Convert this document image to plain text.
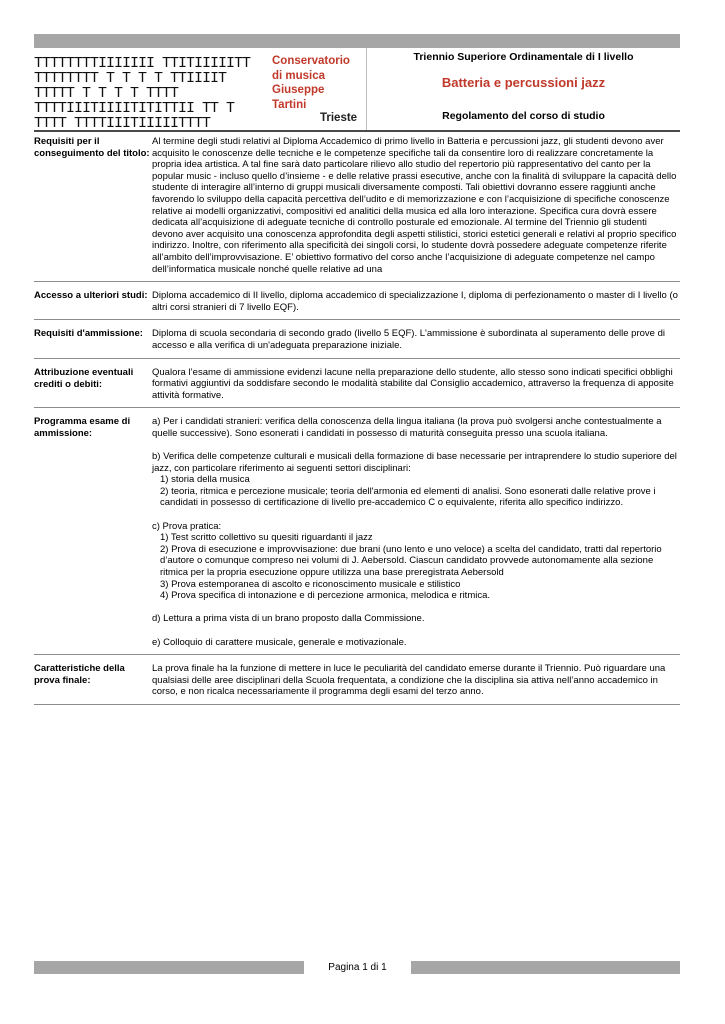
ΤΤΤΤΤΤΤΤΙΙΙΙΙΙΙ ΤΤΙΤΙΙΙΙΙΤΤ
ΤΤΤΤΤΤΤΤ Τ Τ Τ Τ ΤΤΙΙΙΙΤ
ΤΤΤΤΤ Τ Τ Τ Τ ΤΤΤΤ
ΤΤΤΤΙΙΙΤΙΙΙΙΤΙΤΙΤΤΙΙ ΤΤ Τ
ΤΤΤΤ ΤΤΤΤΙΙΙΤΙΙΙΙΙΤΤΤΤ
Conservatorio
di musica
Giuseppe
Tartini
Trieste
Triennio Superiore Ordinamentale di I livello
Batteria e percussioni jazz
Regolamento del corso di studio
Requisiti per il conseguimento del titolo:

Al termine degli studi relativi al Diploma Accademico di primo livello in Batteria e percussioni jazz, gli studenti devono aver acquisito le conoscenze delle tecniche e le competenze specifiche tali da consentire loro di realizzare concretamente la propria idea artistica. A tal fine sarà dato particolare rilievo allo studio del repertorio più rappresentativo del canto per la popular music - incluso quello d’insieme - e delle relative prassi esecutive, anche con la finalità di sviluppare la capacità dello studente di interagire all’interno di gruppi musicali diversamente composti. Tali obiettivi dovranno essere raggiunti anche favorendo lo sviluppo della capacità percettiva dell’udito e di memorizzazione e con l’acquisizione di specifiche conoscenze relative ai modelli organizzativi, compositivi ed analitici della musica ed alla loro interazione. Specifica cura dovrà essere dedicata all’acquisizione di adeguate tecniche di controllo posturale ed emozionale. Al termine del Triennio gli studenti devono aver acquisito una conoscenza approfondita degli aspetti stilistici, storici estetici generali e relativi al proprio specifico indirizzo. Inoltre, con riferimento alla specificità dei singoli corsi, lo studente dovrà possedere adeguate competenze riferite all’ambito dell’improvvisazione. E’ obiettivo formativo del corso anche l’acquisizione di adeguate competenze nel campo dell’informatica musicale nonché quelle relative ad una

Accesso a ulteriori studi: Diploma accademico di II livello, diploma accademico di specializzazione I, diploma di perfezionamento o master di I livello (o altri corsi stranieri di 7 livello EQF).

Requisiti d'ammissione: Diploma di scuola secondaria di secondo grado (livello 5 EQF). L'ammissione è subordinata al superamento delle prove di accesso e alla verifica di un'adeguata preparazione iniziale.

Attribuzione eventuali crediti o debiti:

Qualora l’esame di ammissione evidenzi lacune nella preparazione dello studente, allo stesso sono indicati specifici obblighi formativi aggiuntivi da soddisfare secondo le modalità stabilite dal Consiglio accademico, attraverso la frequenza di apposite attività formative.

Programma esame di ammissione:

a) Per i candidati stranieri: verifica della conoscenza della lingua italiana (la prova può svolgersi anche contestualmente a quelle successive). Sono esonerati i candidati in possesso di maturità conseguita presso una scuola italiana.

b) Verifica delle competenze culturali e musicali della formazione di base necessarie per intraprendere lo studio superiore del jazz, con particolare riferimento ai seguenti settori disciplinari:

1) storia della musica

2) teoria, ritmica e percezione musicale; teoria dell'armonia ed elementi di analisi. Sono esonerati dalle relative prove i candidati in possesso di certificazione di livello pre-accademico C o equivalente, riferita allo specifico indirizzo.

c) Prova pratica:

1) Test scritto collettivo su quesiti riguardanti il jazz

2) Prova di esecuzione e improvvisazione: due brani (uno lento e uno veloce) a scelta del candidato, tratti dal repertorio d’autore o comunque compreso nei volumi di J. Aebersold. Ciascun candidato provvede autonomamente alla sezione ritmica per la propria esecuzione oppure utilizza una base preregistrata Aebersold

3) Prova estemporanea di ascolto e riconoscimento musicale e stilistico

4) Prova specifica di intonazione e di percezione armonica, melodica e ritmica.

d) Lettura a prima vista di un brano proposto dalla Commissione.

e) Colloquio di carattere musicale, generale e motivazionale.

Caratteristiche della prova finale:

La prova finale ha la funzione di mettere in luce le peculiarità del candidato emerse durante il Triennio. Può riguardare una qualsiasi delle aree disciplinari della Scuola frequentata, a condizione che la disciplina sia attiva nell’anno accademico in corso, e non ricalca necessariamente il programma degli esami del terzo anno.

Pagina 1 di 1
